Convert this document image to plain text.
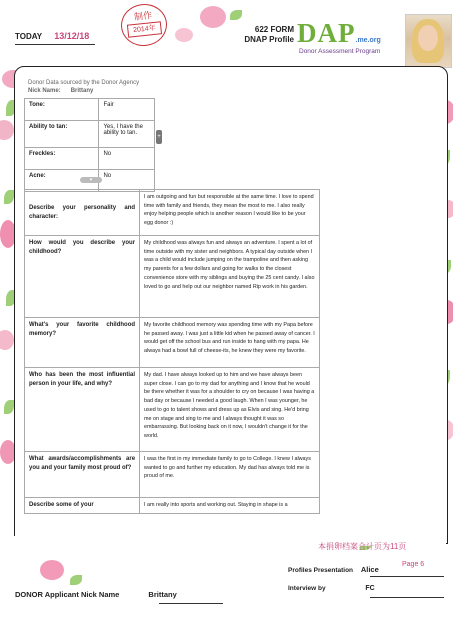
TODAY 13/12/18
制作
2014年	622 FORM
DNAP Profile DAP.me.org
Donor Assessment Program
Donor Data sourced by the Donor Agency
Nick Name: Brittany
Tone:	Fair
Ability to tan:	Yes, I have the ability to tan.
Freckles:	No
Acne:	No
+
▾
Describe your personality and character:	I am outgoing and fun but responsible at the same time. I love to spend time with family and friends, they mean the most to me. I also really enjoy helping people which is another reason I would like to be your egg donor :)
How would you describe your childhood?	My childhood was always fun and always an adventure. I spent a lot of time outside with my sister and neighbors. A typical day outside when I was a child would include jumping on the trampoline and then asking my parents for a few dollars and going for walks to the closest convenience store with my siblings and buying the 25 cent candy. I also loved to go and help out our neighbor named Rip work in his garden.
What's your favorite childhood memory?	My favorite childhood memory was spending time with my Papa before he passed away. I was just a little kid when he passed away of cancer. I would get off the school bus and run inside to hang with my papa. He always had a bowl full of cheese-its, he knew they were my favorite.
Who has been the most influential person in your life, and why?	My dad. I have always looked up to him and we have always been super close. I can go to my dad for anything and I know that he would be there whether it was for a shoulder to cry on because I was having a bad day or because I needed a good laugh. When I was younger, he used to go to talent shows and dress up as Elvis and sing. He'd bring me on stage and sing to me and I always thought it was so embarrassing. But looking back on it now, I wouldn't change it for the world.
What awards/accomplishments are you and your family most proud of?	I was the first in my immediate family to go to College. I knew I always wanted to go and further my education. My dad has always told me is proud of me.
Describe some of your	I am really into sports and working out. Staying in shape is a
本捐卵档案合计页为11页
Profiles Presentation Alice
Page 6
Interview by	FC
DONOR Applicant Nick Name	Brittany
